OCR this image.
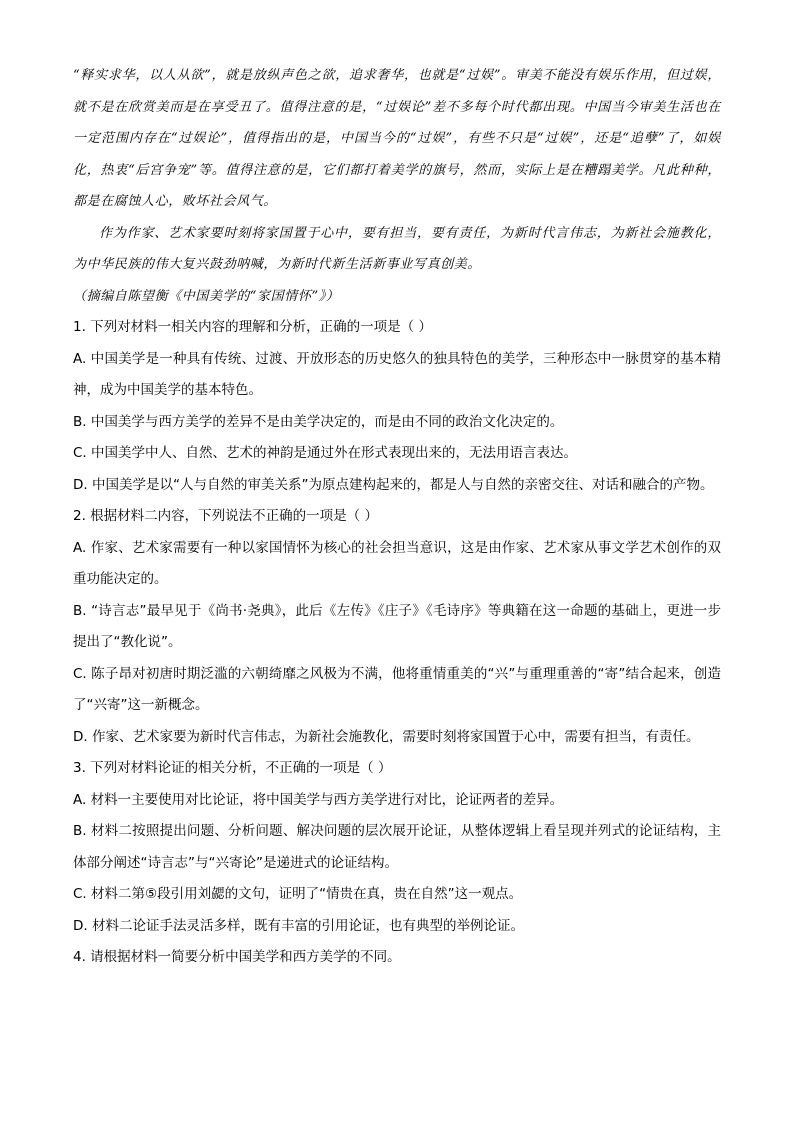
“释实求华，以人从欲”，就是放纵声色之欲，追求奢华，也就是“过娱”。审美不能没有娱乐作用，但过娱，就不是在欣赏美而是在享受丑了。值得注意的是，“过娱论”差不多每个时代都出现。中国当今审美生活也在一定范围内存在“过娱论”，值得指出的是，中国当今的“过娱”，有些不只是“过娱”，还是“追孽”了，如娱化，热衷“后宫争宠”等。值得注意的是，它们都打着美学的旗号，然而，实际上是在糟蹋美学。凡此种种，都是在腐蚀人心，败坏社会风气。

作为作家、艺术家要时刻将家国置于心中，要有担当，要有责任，为新时代言伟志，为新社会施教化，为中华民族的伟大复兴鼓劲呐喊，为新时代新生活新事业写真创美。

（摘编自陈望衡《中国美学的“家国情怀”》）

1. 下列对材料一相关内容的理解和分析，正确的一项是（ ）

A. 中国美学是一种具有传统、过渡、开放形态的历史悠久的独具特色的美学，三种形态中一脉贯穿的基本精神，成为中国美学的基本特色。

B. 中国美学与西方美学的差异不是由美学决定的，而是由不同的政治文化决定的。

C. 中国美学中人、自然、艺术的神韵是通过外在形式表现出来的，无法用语言表达。

D. 中国美学是以“人与自然的审美关系”为原点建构起来的，都是人与自然的亲密交往、对话和融合的产物。

2. 根据材料二内容，下列说法不正确的一项是（ ）

A. 作家、艺术家需要有一种以家国情怀为核心的社会担当意识，这是由作家、艺术家从事文学艺术创作的双重功能决定的。

B. “诗言志”最早见于《尚书·尧典》，此后《左传》《庄子》《毛诗序》等典籍在这一命题的基础上，更进一步提出了“教化说”。

C. 陈子昂对初唐时期泛滥的六朝绮靡之风极为不满，他将重情重美的“兴”与重理重善的“寄”结合起来，创造了“兴寄”这一新概念。

D. 作家、艺术家要为新时代言伟志，为新社会施教化，需要时刻将家国置于心中，需要有担当，有责任。

3. 下列对材料论证的相关分析，不正确的一项是（ ）

A. 材料一主要使用对比论证，将中国美学与西方美学进行对比，论证两者的差异。

B. 材料二按照提出问题、分析问题、解决问题的层次展开论证，从整体逻辑上看呈现并列式的论证结构，主体部分阐述“诗言志”与“兴寄论”是递进式的论证结构。

C. 材料二第⑤段引用刘勰的文句，证明了“情贵在真，贵在自然”这一观点。

D. 材料二论证手法灵活多样，既有丰富的引用论证，也有典型的举例论证。

4. 请根据材料一简要分析中国美学和西方美学的不同。
